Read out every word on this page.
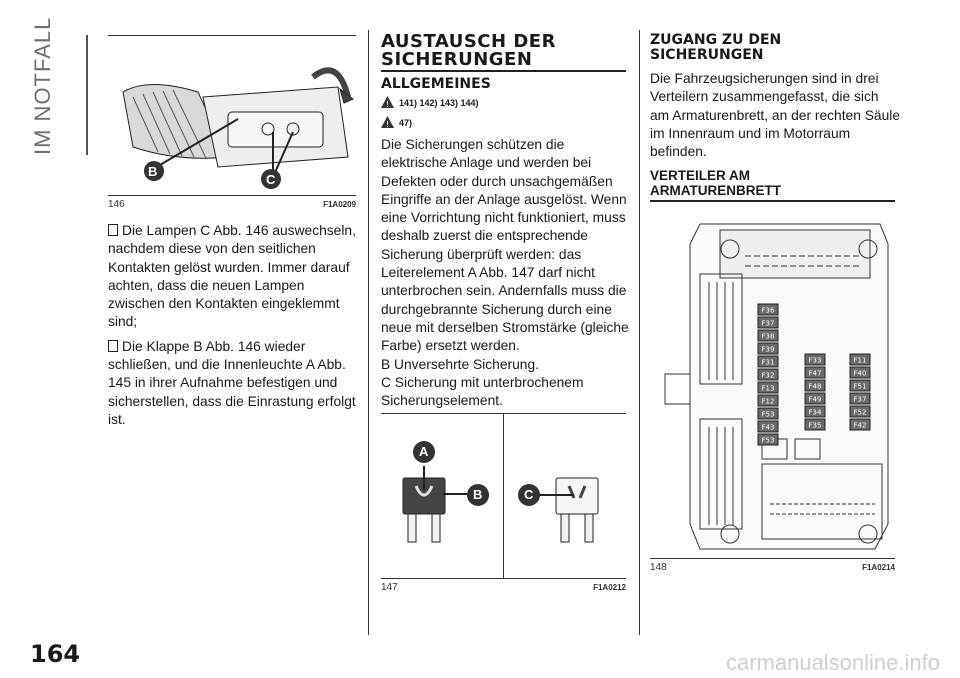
IM NOTFALL
164
B
C
146	F1A0209

Die Lampen C Abb. 146 auswechseln, nachdem diese von den seitlichen Kontakten gelöst wurden. Immer darauf achten, dass die neuen Lampen zwischen den Kontakten eingeklemmt sind;

Die Klappe B Abb. 146 wieder schließen, und die Innenleuchte A Abb. 145 in ihrer Aufnahme befestigen und sicherstellen, dass die Einrastung erfolgt ist.

AUSTAUSCH DER SICHERUNGEN
ALLGEMEINES
! 141) 142) 143) 144)
! 47)
Die Sicherungen schützen die elektrische Anlage und werden bei Defekten oder durch unsachgemäßen Eingriffe an der Anlage ausgelöst. Wenn eine Vorrichtung nicht funktioniert, muss deshalb zuerst die entsprechende Sicherung überprüft werden: das Leiterelement A Abb. 147 darf nicht unterbrochen sein. Andernfalls muss die durchgebrannte Sicherung durch eine neue mit derselben Stromstärke (gleiche Farbe) ersetzt werden.
B Unversehrte Sicherung.
C Sicherung mit unterbrochenem Sicherungselement.
A
B	C
147	F1A0212
ZUGANG ZU DEN SICHERUNGEN
Die Fahrzeugsicherungen sind in drei Verteilern zusammengefasst, die sich am Armaturenbrett, an der rechten Säule im Innenraum und im Motorraum befinden.
VERTEILER AM ARMATURENBRETT
F36
F37
F38
F39
F31
F32
F13
F12
F53
F43
F53
F33
F47
F48
F49
F34
F35
F11
F40
F51
F37
F52
F42
148	F1A0214
carmanualsonline.info
